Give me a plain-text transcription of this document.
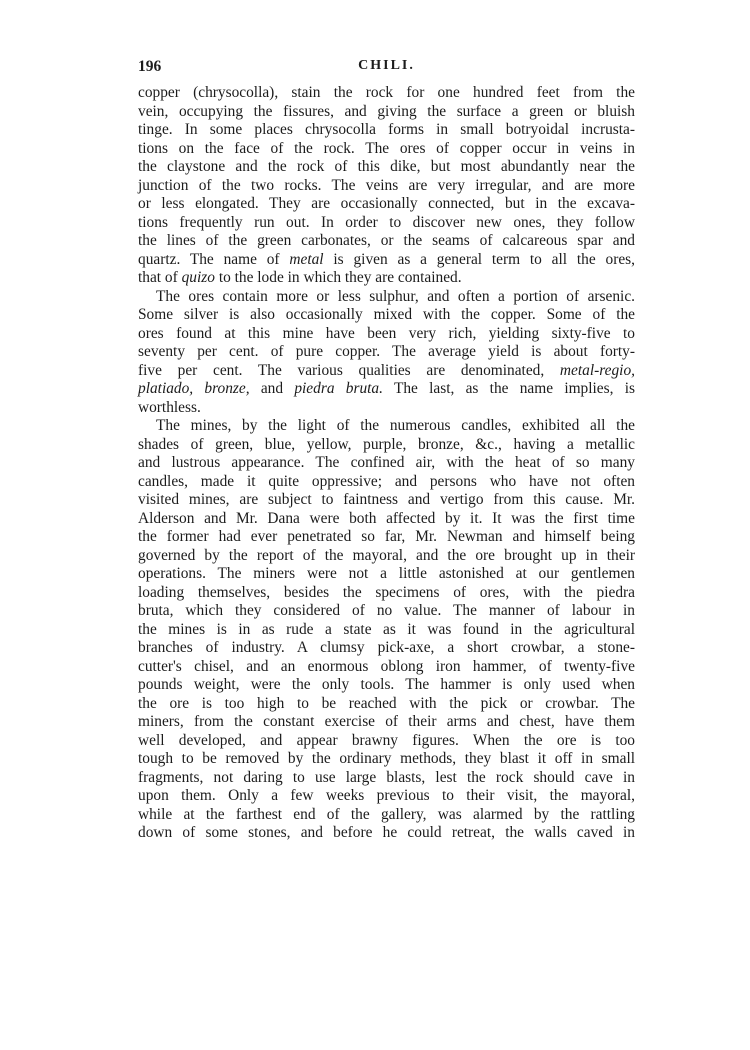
196	CHILI.

copper (chrysocolla), stain the rock for one hundred feet from the
vein, occupying the fissures, and giving the surface a green or bluish
tinge. In some places chrysocolla forms in small botryoidal incrusta-
tions on the face of the rock. The ores of copper occur in veins in
the claystone and the rock of this dike, but most abundantly near the
junction of the two rocks. The veins are very irregular, and are more
or less elongated. They are occasionally connected, but in the excava-
tions frequently run out. In order to discover new ones, they follow
the lines of the green carbonates, or the seams of calcareous spar and
quartz. The name of metal is given as a general term to all the ores,
that of quizo to the lode in which they are contained.

The ores contain more or less sulphur, and often a portion of arsenic.
Some silver is also occasionally mixed with the copper. Some of the
ores found at this mine have been very rich, yielding sixty-five to
seventy per cent. of pure copper. The average yield is about forty-
five per cent. The various qualities are denominated, metal-regio,
platiado, bronze, and piedra bruta. The last, as the name implies, is
worthless.

The mines, by the light of the numerous candles, exhibited all the
shades of green, blue, yellow, purple, bronze, &c., having a metallic
and lustrous appearance. The confined air, with the heat of so many
candles, made it quite oppressive; and persons who have not often
visited mines, are subject to faintness and vertigo from this cause. Mr.
Alderson and Mr. Dana were both affected by it. It was the first time
the former had ever penetrated so far, Mr. Newman and himself being
governed by the report of the mayoral, and the ore brought up in their
operations. The miners were not a little astonished at our gentlemen
loading themselves, besides the specimens of ores, with the piedra
bruta, which they considered of no value. The manner of labour in
the mines is in as rude a state as it was found in the agricultural
branches of industry. A clumsy pick-axe, a short crowbar, a stone-
cutter's chisel, and an enormous oblong iron hammer, of twenty-five
pounds weight, were the only tools. The hammer is only used when
the ore is too high to be reached with the pick or crowbar. The
miners, from the constant exercise of their arms and chest, have them
well developed, and appear brawny figures. When the ore is too
tough to be removed by the ordinary methods, they blast it off in small
fragments, not daring to use large blasts, lest the rock should cave in
upon them. Only a few weeks previous to their visit, the mayoral,
while at the farthest end of the gallery, was alarmed by the rattling
down of some stones, and before he could retreat, the walls caved in
